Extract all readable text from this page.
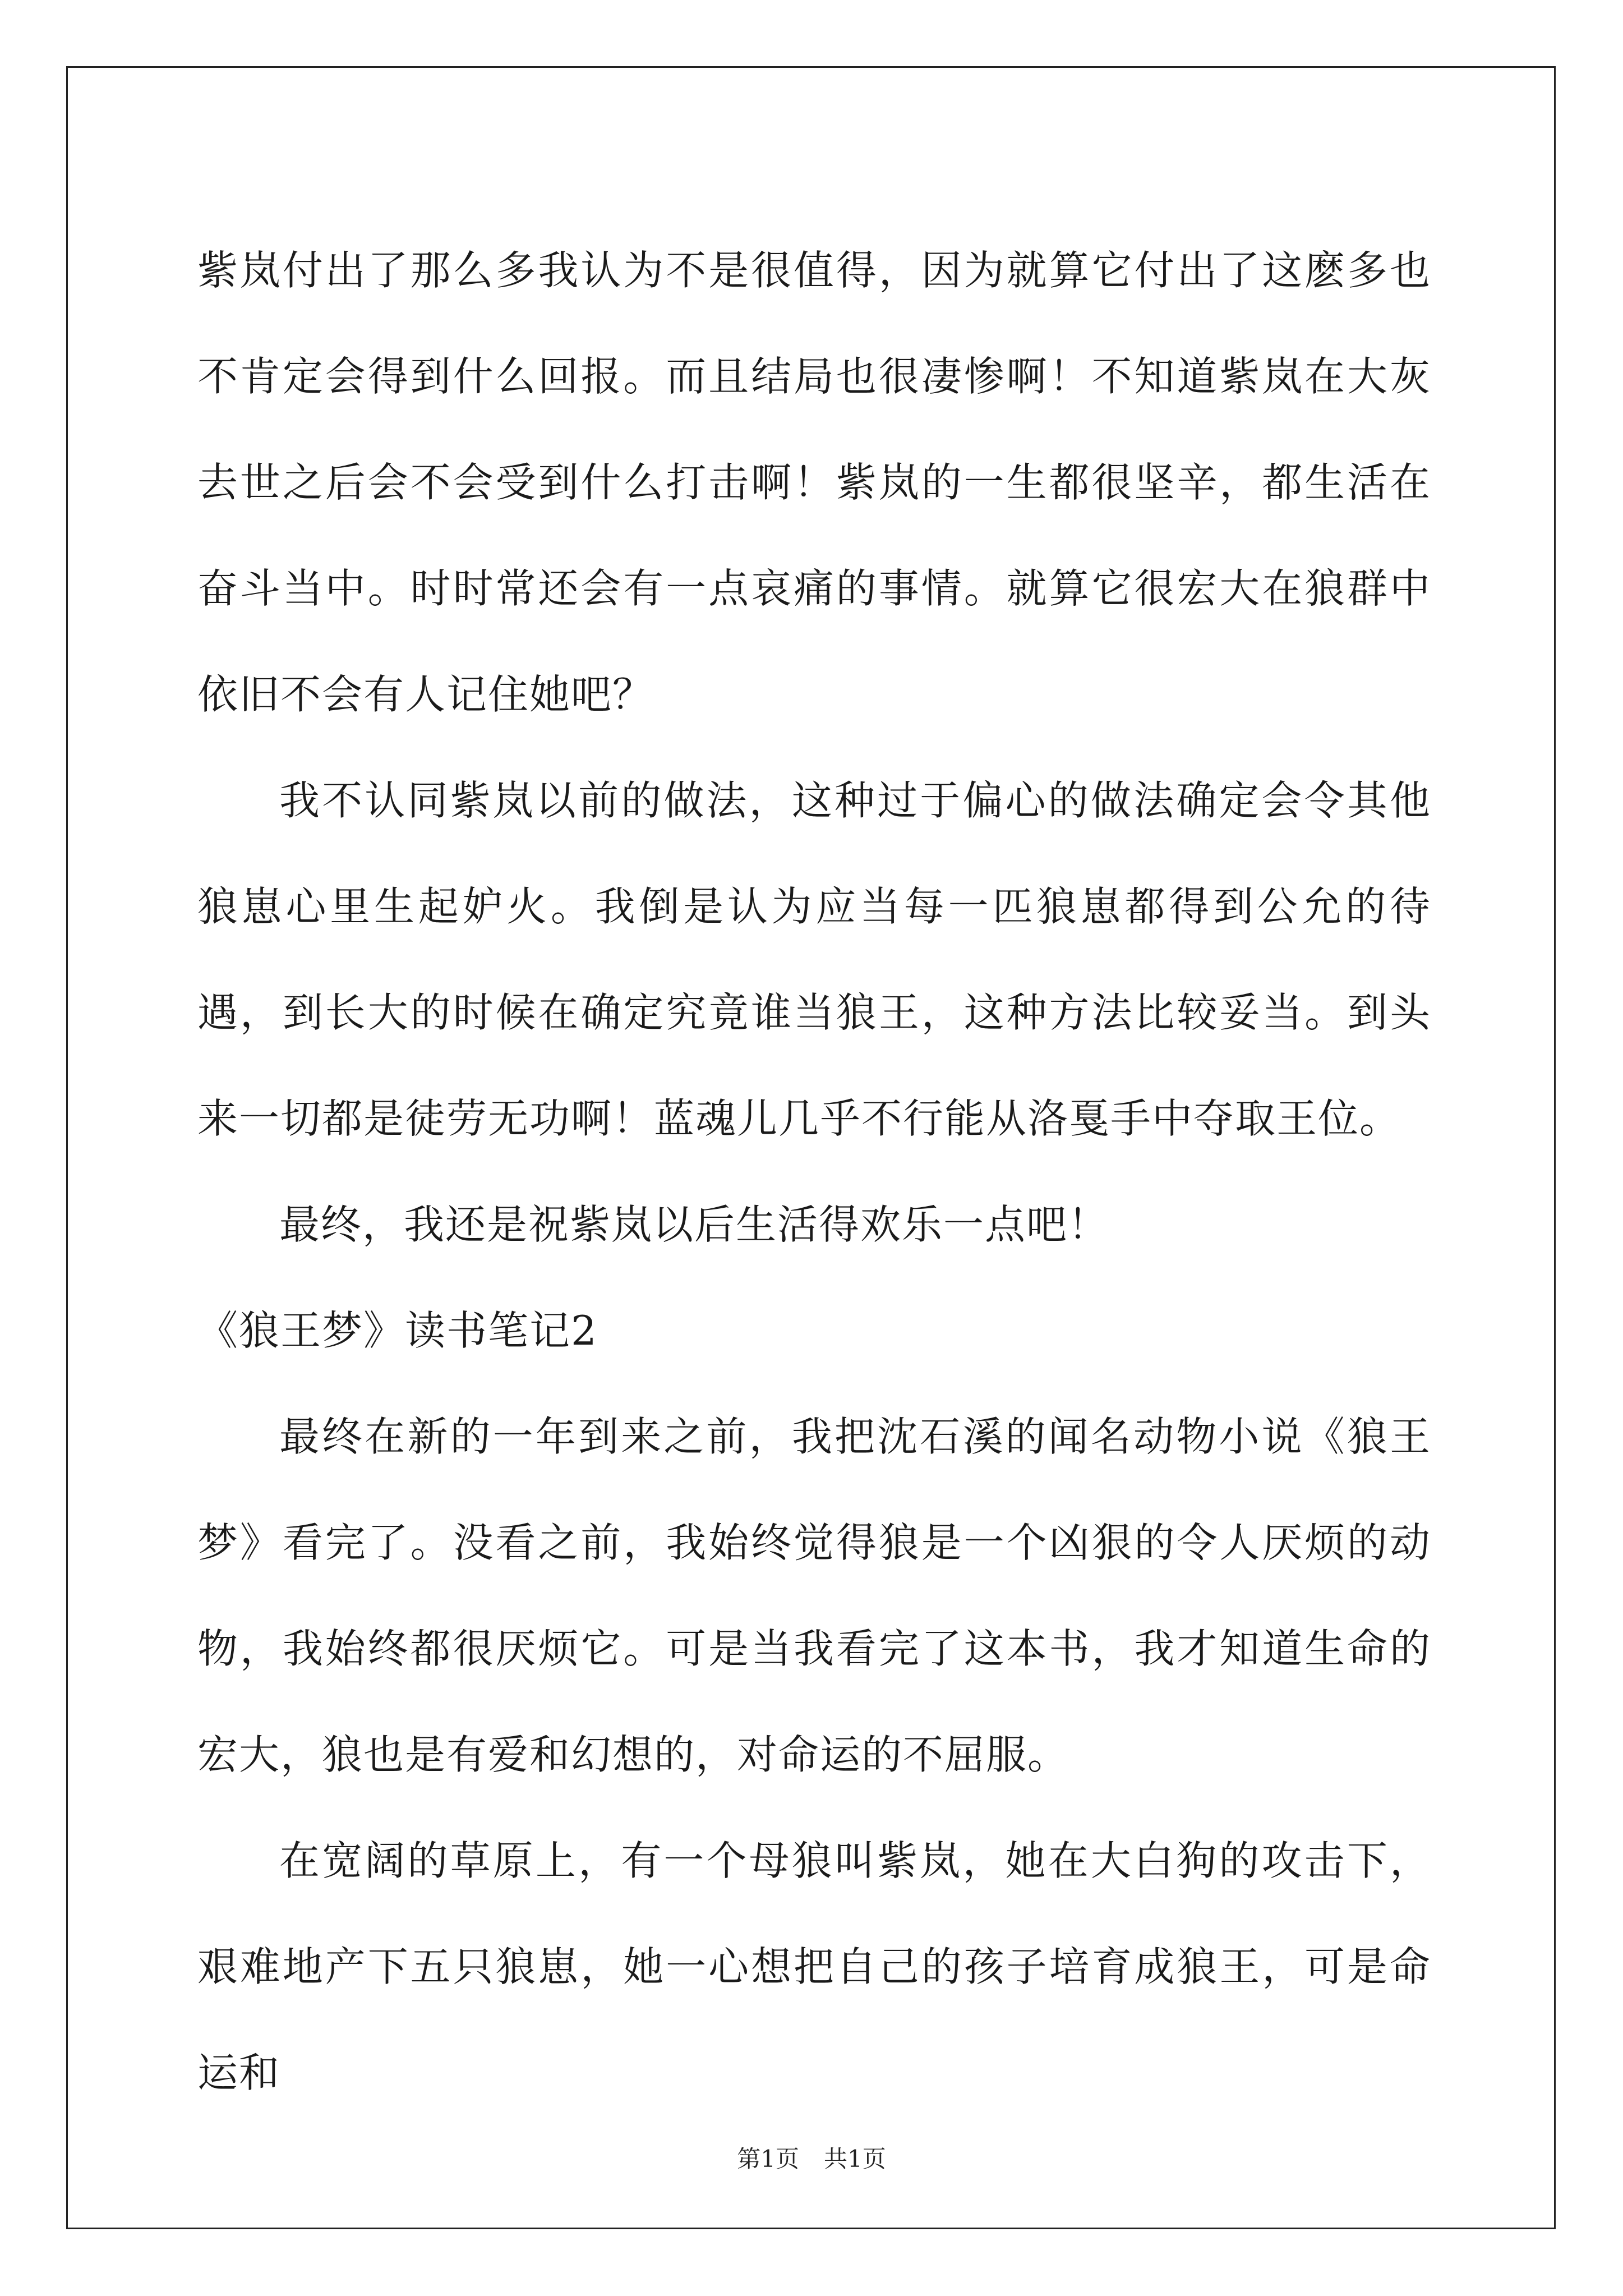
紫岚付出了那么多我认为不是很值得，因为就算它付出了这麽多也不肯定会得到什么回报。而且结局也很凄惨啊！不知道紫岚在大灰去世之后会不会受到什么打击啊！紫岚的一生都很坚辛，都生活在奋斗当中。时时常还会有一点哀痛的事情。就算它很宏大在狼群中依旧不会有人记住她吧？

我不认同紫岚以前的做法，这种过于偏心的做法确定会令其他狼崽心里生起妒火。我倒是认为应当每一匹狼崽都得到公允的待遇，到长大的时候在确定究竟谁当狼王，这种方法比较妥当。到头来一切都是徒劳无功啊！蓝魂儿几乎不行能从洛戛手中夺取王位。

最终，我还是祝紫岚以后生活得欢乐一点吧！

《狼王梦》读书笔记2

最终在新的一年到来之前，我把沈石溪的闻名动物小说《狼王梦》看完了。没看之前，我始终觉得狼是一个凶狠的令人厌烦的动物，我始终都很厌烦它。可是当我看完了这本书，我才知道生命的宏大，狼也是有爱和幻想的，对命运的不屈服。

在宽阔的草原上，有一个母狼叫紫岚，她在大白狗的攻击下，艰难地产下五只狼崽，她一心想把自己的孩子培育成狼王，可是命运和

第1页 共1页
